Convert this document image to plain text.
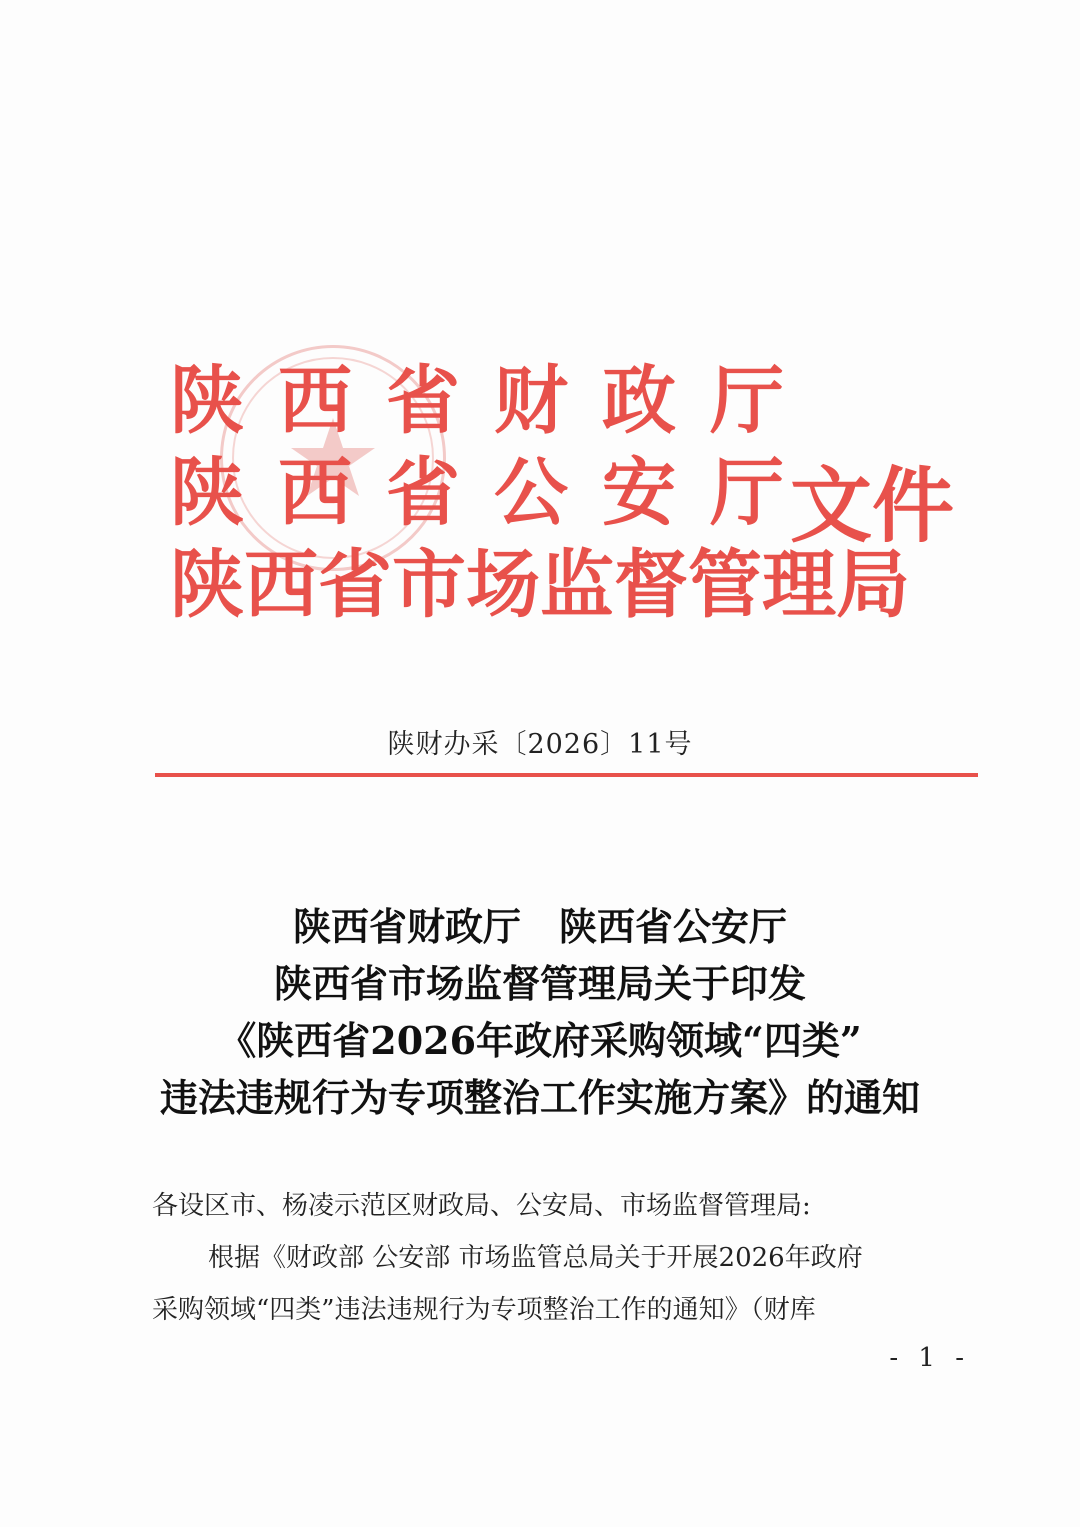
陕西省财政厅
陕西省公安厅
陕西省市场监督管理局
文件
陕财办采〔2026〕11号
陕西省财政厅　陕西省公安厅
陕西省市场监督管理局关于印发
《陕西省2026年政府采购领域“四类”
违法违规行为专项整治工作实施方案》的通知
各设区市、杨凌示范区财政局、公安局、市场监督管理局:
根据《财政部 公安部 市场监管总局关于开展2026年政府
采购领域“四类”违法违规行为专项整治工作的通知》（财库
- 1 -
